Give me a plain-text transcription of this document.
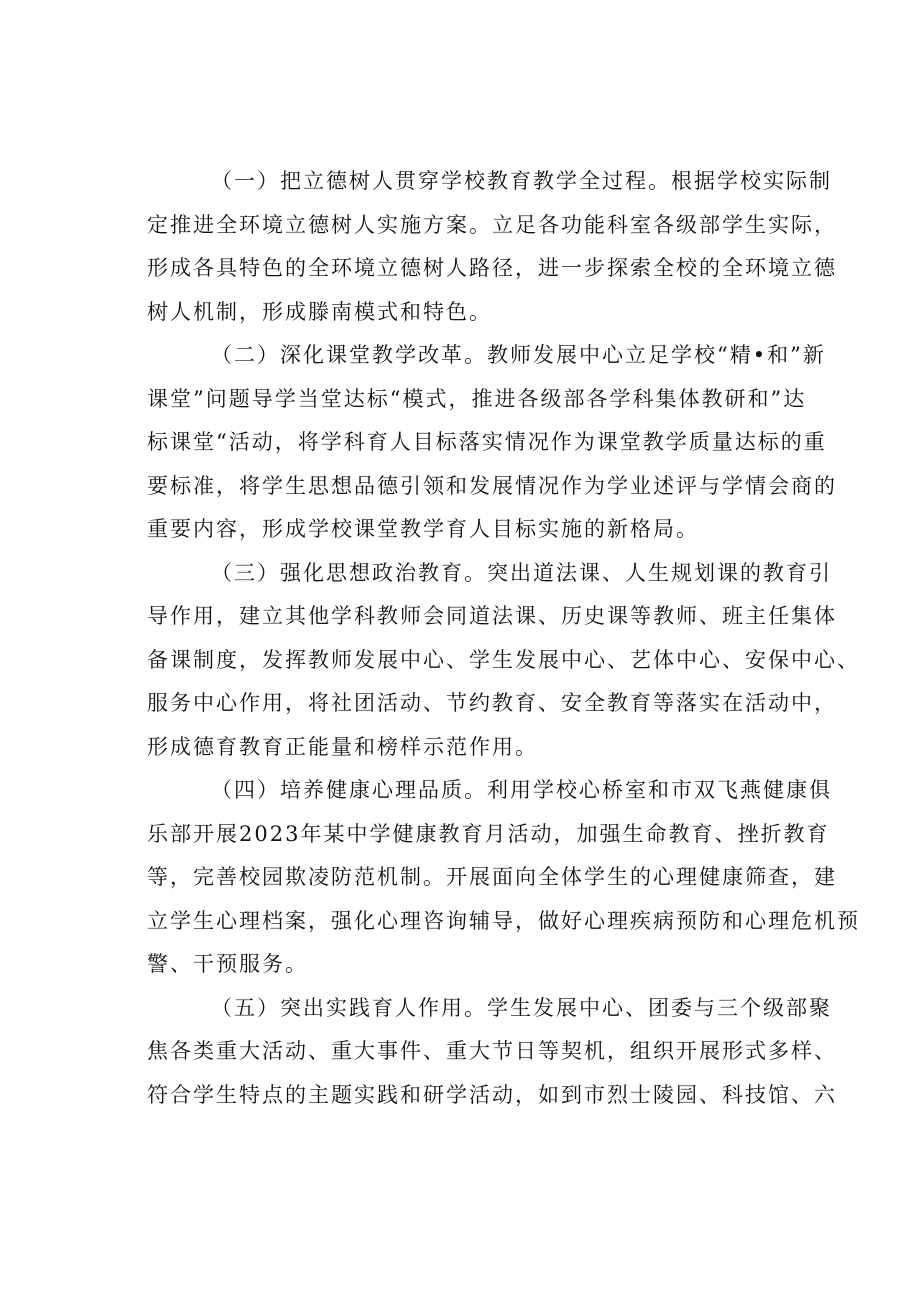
（一）把立德树人贯穿学校教育教学全过程。根据学校实际制
定推进全环境立德树人实施方案。立足各功能科室各级部学生实际，
形成各具特色的全环境立德树人路径，进一步探索全校的全环境立德
树人机制，形成滕南模式和特色。
（二）深化课堂教学改革。教师发展中心立足学校“精•和”新
课堂”问题导学当堂达标“模式，推进各级部各学科集体教研和”达
标课堂“活动，将学科育人目标落实情况作为课堂教学质量达标的重
要标准，将学生思想品德引领和发展情况作为学业述评与学情会商的
重要内容，形成学校课堂教学育人目标实施的新格局。
（三）强化思想政治教育。突出道法课、人生规划课的教育引
导作用，建立其他学科教师会同道法课、历史课等教师、班主任集体
备课制度，发挥教师发展中心、学生发展中心、艺体中心、安保中心、
服务中心作用，将社团活动、节约教育、安全教育等落实在活动中，
形成德育教育正能量和榜样示范作用。
（四）培养健康心理品质。利用学校心桥室和市双飞燕健康俱
乐部开展2023年某中学健康教育月活动，加强生命教育、挫折教育
等，完善校园欺凌防范机制。开展面向全体学生的心理健康筛查，建
立学生心理档案，强化心理咨询辅导，做好心理疾病预防和心理危机预
警、干预服务。
（五）突出实践育人作用。学生发展中心、团委与三个级部聚
焦各类重大活动、重大事件、重大节日等契机，组织开展形式多样、
符合学生特点的主题实践和研学活动，如到市烈士陵园、科技馆、六
